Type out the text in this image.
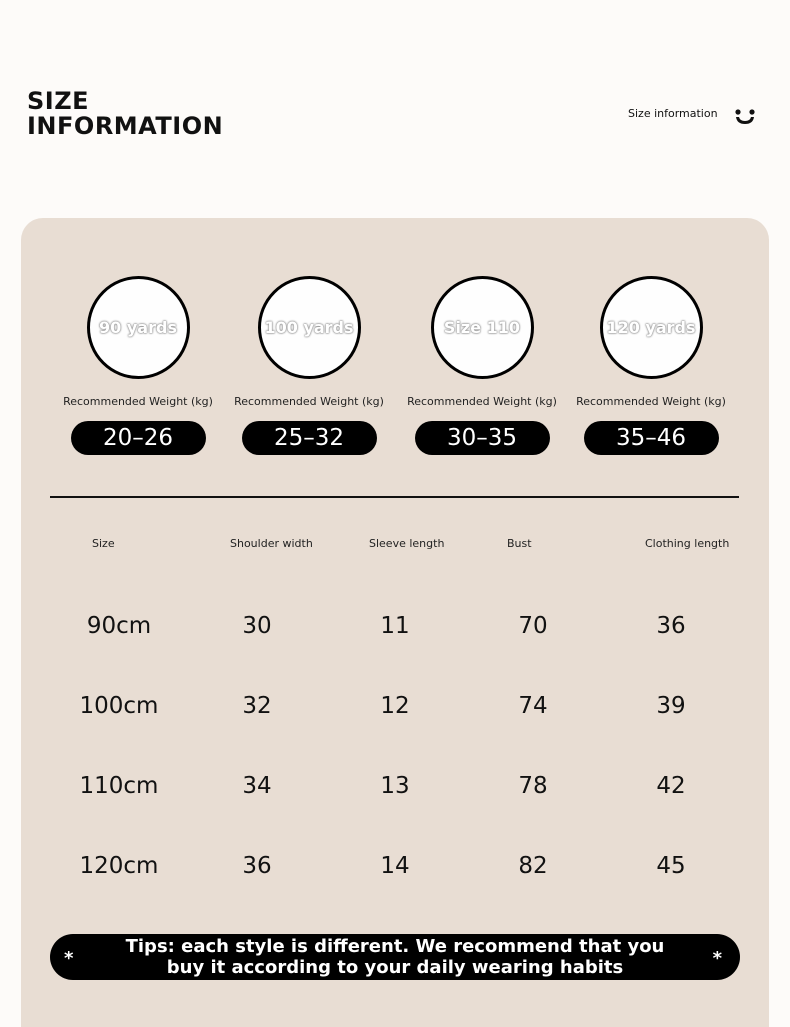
SIZE
INFORMATION	Size information
90 yards
Recommended Weight (kg)
20–26
100 yards
Recommended Weight (kg)
25–32
Size 110
Recommended Weight (kg)
30–35
120 yards
Recommended Weight (kg)
35–46
Size	Shoulder width	Sleeve length	Bust	Clothing length
90cm	30	11	70	36
100cm	32	12	74	39
110cm	34	13	78	42
120cm	36	14	82	45
*
Tips: each style is different. We recommend that you buy it according to your daily wearing habits	*
